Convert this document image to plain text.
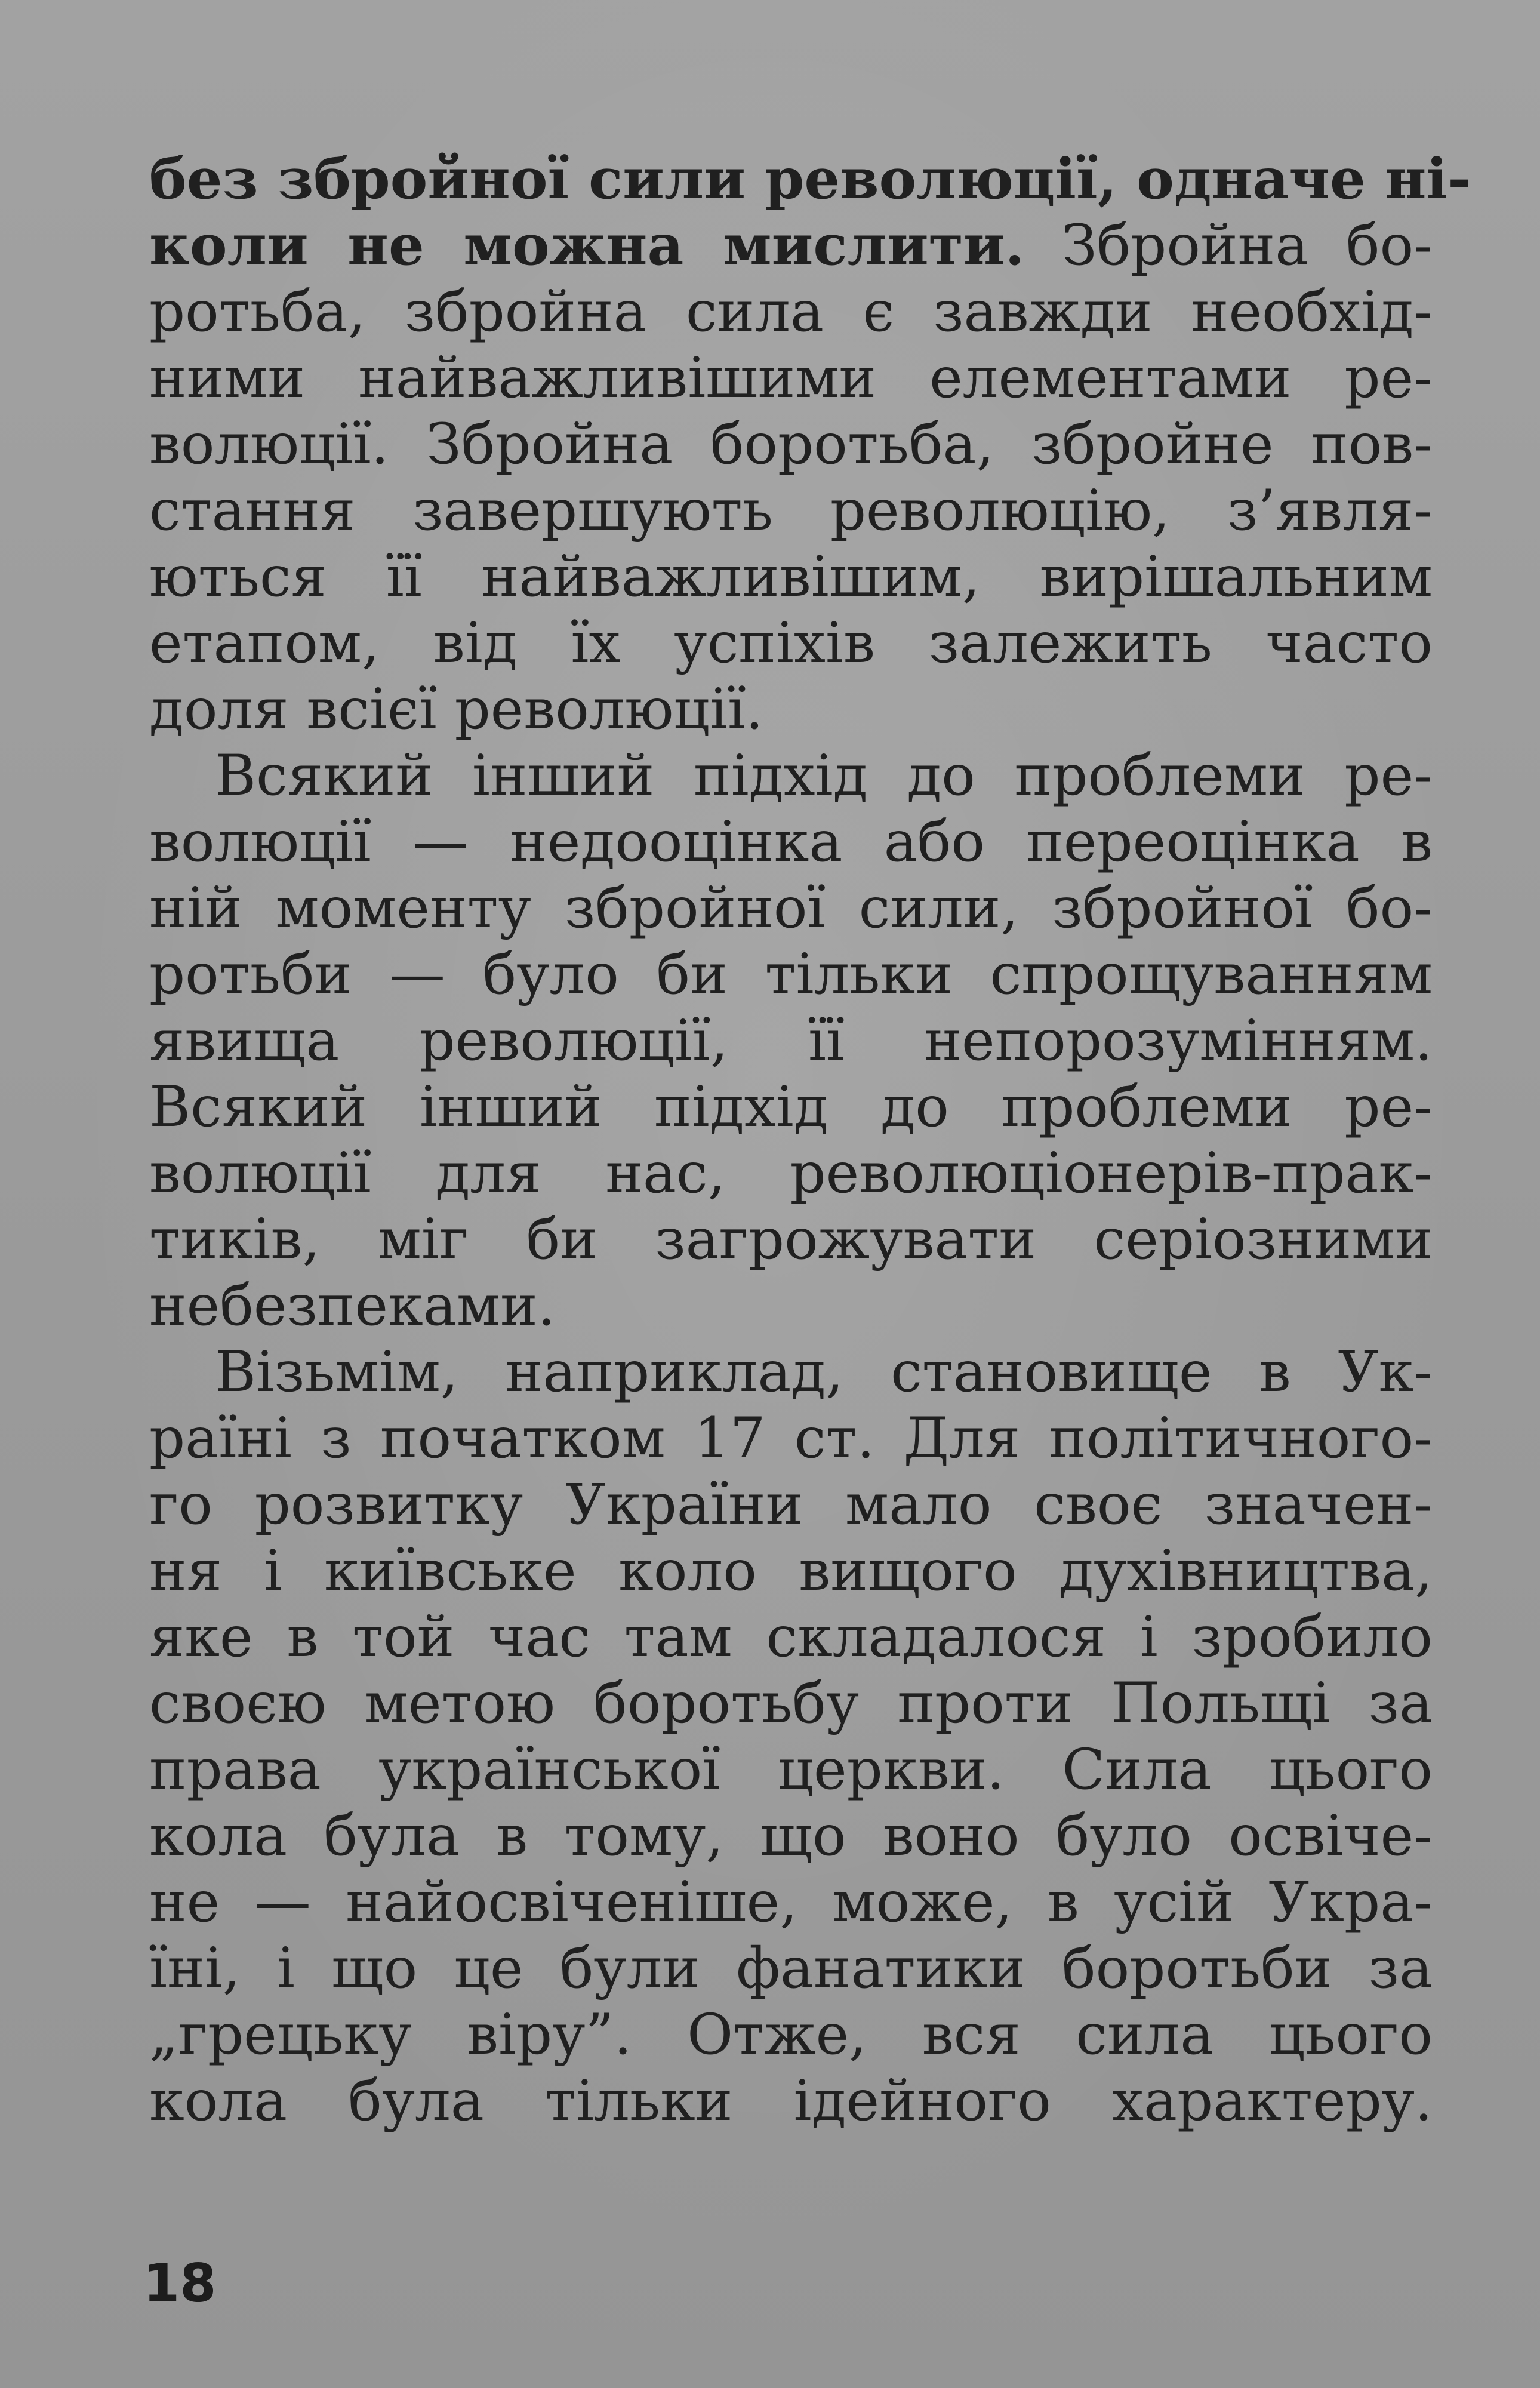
без збройної сили революції, одначе ні-
коли не можна мислити. Збройна бо-
ротьба, збройна сила є завжди необхід-
ними найважливішими елементами ре-
волюції. Збройна боротьба, збройне пов-
стання завершують революцію, з’явля-
ються її найважливішим, вирішальним
етапом, від їх успіхів залежить часто
доля всієї революції.
Всякий інший підхід до проблеми ре-
волюції — недооцінка або переоцінка в
ній моменту збройної сили, збройної бо-
ротьби — було би тільки спрощуванням
явища революції, її непорозумінням.
Всякий інший підхід до проблеми ре-
волюції для нас, революціонерів-прак-
тиків, міг би загрожувати серіозними
небезпеками.
Візьмім, наприклад, становище в Ук-
раїні з початком 17 ст. Для політичного-
го розвитку України мало своє значен-
ня і київське коло вищого духівництва,
яке в той час там складалося і зробило
своєю метою боротьбу проти Польщі за
права української церкви. Сила цього
кола була в тому, що воно було освіче-
не — найосвіченіше, може, в усій Укра-
їні, і що це були фанатики боротьби за
„грецьку віру”. Отже, вся сила цього
кола була тільки ідейного характеру.
18
